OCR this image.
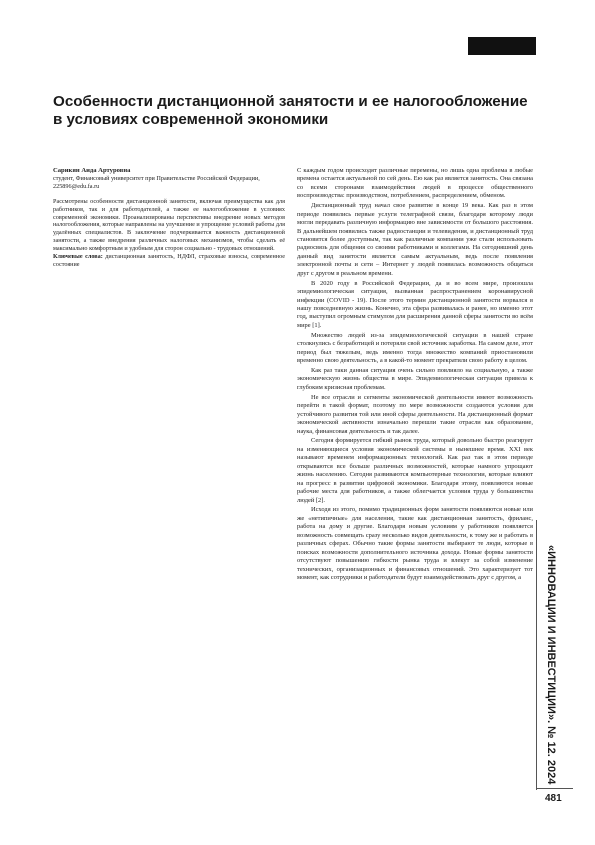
Особенности дистанционной занятости и ее налогообложение
в условиях современной экономики
Сарикян Аида Артуровна
студент, Финансовый университет при Правительстве Российской Федерации, 225896@edu.fa.ru
Рассмотрены особенности дистанционной занятости, включая преимущества как для работников, так и для работодателей, а также ее налогообложение в условиях современной экономики. Проанализированы перспективы внедрение новых методов налогообложения, которые направлены на улучшение и упрощение условий работы для удалённых специалистов. В заключение подчеркивается важность дистанционной занятости, а также внедрения различных налоговых механизмов, чтобы сделать её максимально комфортным и удобным для сторон социально - трудовых отношений.
Ключевые слова: дистанционная занятость, НДФЛ, страховые взносы, современное состояние

С каждым годом происходят различные перемены, но лишь одна проблема в любые времена остается актуальной по сей день. Ею как раз является занятость. Она связана со всеми сторонами взаимодействия людей в процессе общественного воспроизводства: производством, потреблением, распределением, обменом.

Дистанционный труд начал свое развитие в конце 19 века. Как раз в этом периоде появились первые услуги телеграфной связи, благодаря которому люди могли передавать различную информацию вне зависимости от большого расстояния. В дальнейшем появились также радиостанции и телевидения, и дистанционный труд становится более доступным, так как различные компании уже стали использовать радиосвязь для общения со своими работниками и коллегами. На сегодняшний день данный вид занятости является самым актуальным, ведь после появления электронной почты и сети – Интернет у людей появилась возможность общаться друг с другом в реальном времени.

В 2020 году в Российской Федерации, да и во всем мире, произошла эпидемиологическая ситуация, вызванная распространением коронавирусной инфекции (COVID - 19). После этого термин дистанционной занятости ворвался в нашу повседневную жизнь. Конечно, эта сфера развивалась и ранее, но именно этот год, выступил огромным стимулом для расширения данной сферы занятости во всём мире [1].

Множество людей из-за эпидемиологической ситуации в нашей стране столкнулись с безработицей и потеряли свой источник заработка. На самом деле, этот период был тяжелым, ведь именно тогда множество компаний приостановили временно свою деятельность, а в какой-то момент прекратили свою работу в целом.

Как раз таки данная ситуация очень сильно повлияло на социальную, а также экономическую жизнь общества в мире. Эпидемиологическая ситуация привела к глубоким кризисная проблемам.

Не все отрасли и сегменты экономической деятельности имеют возможность перейти в такой формат, поэтому по мере возможности создаются условия для устойчивого развития той или иной сферы деятельности. На дистанционный формат экономической активности изначально перешли такие отрасли как образование, наука, финансовая деятельность и так далее.

Сегодня формируется гибкий рынок труда, который довольно быстро реагирует на изменяющиеся условия экономической системы в нынешнее время. XXI век называют временем информационных технологий. Как раз так в этом периоде открываются все больше различных возможностей, которые намного упрощают жизнь населению. Сегодня развиваются компьютерные технологии, которые влияют на прогресс в развитии цифровой экономики. Благодаря этому, появляются новые рабочие места для работников, а также облегчается условия труда у большинства людей [2].

Исходя из этого, помимо традиционных форм занятости появляются новые или же «нетипичные» для населения, такие как дистанционная занятость, фриланс, работа на дому и другие. Благодаря новым условиям у работников появляется возможность совмещать сразу несколько видов деятельности, к тому же и работать в различных сферах. Обычно такие формы занятости выбирают те люди, которые в поисках возможности дополнительного источника дохода. Новые формы занятости отсутствуют повышению гибкости рынка труда и влекут за собой изменение технических, организационных и финансовых отношений. Это характеризует тот момент, как сотрудники и работодатели будут взаимодействовать друг с другом, а	«ИННОВАЦИИ И ИНВЕСТИЦИИ». № 12. 2024
481
